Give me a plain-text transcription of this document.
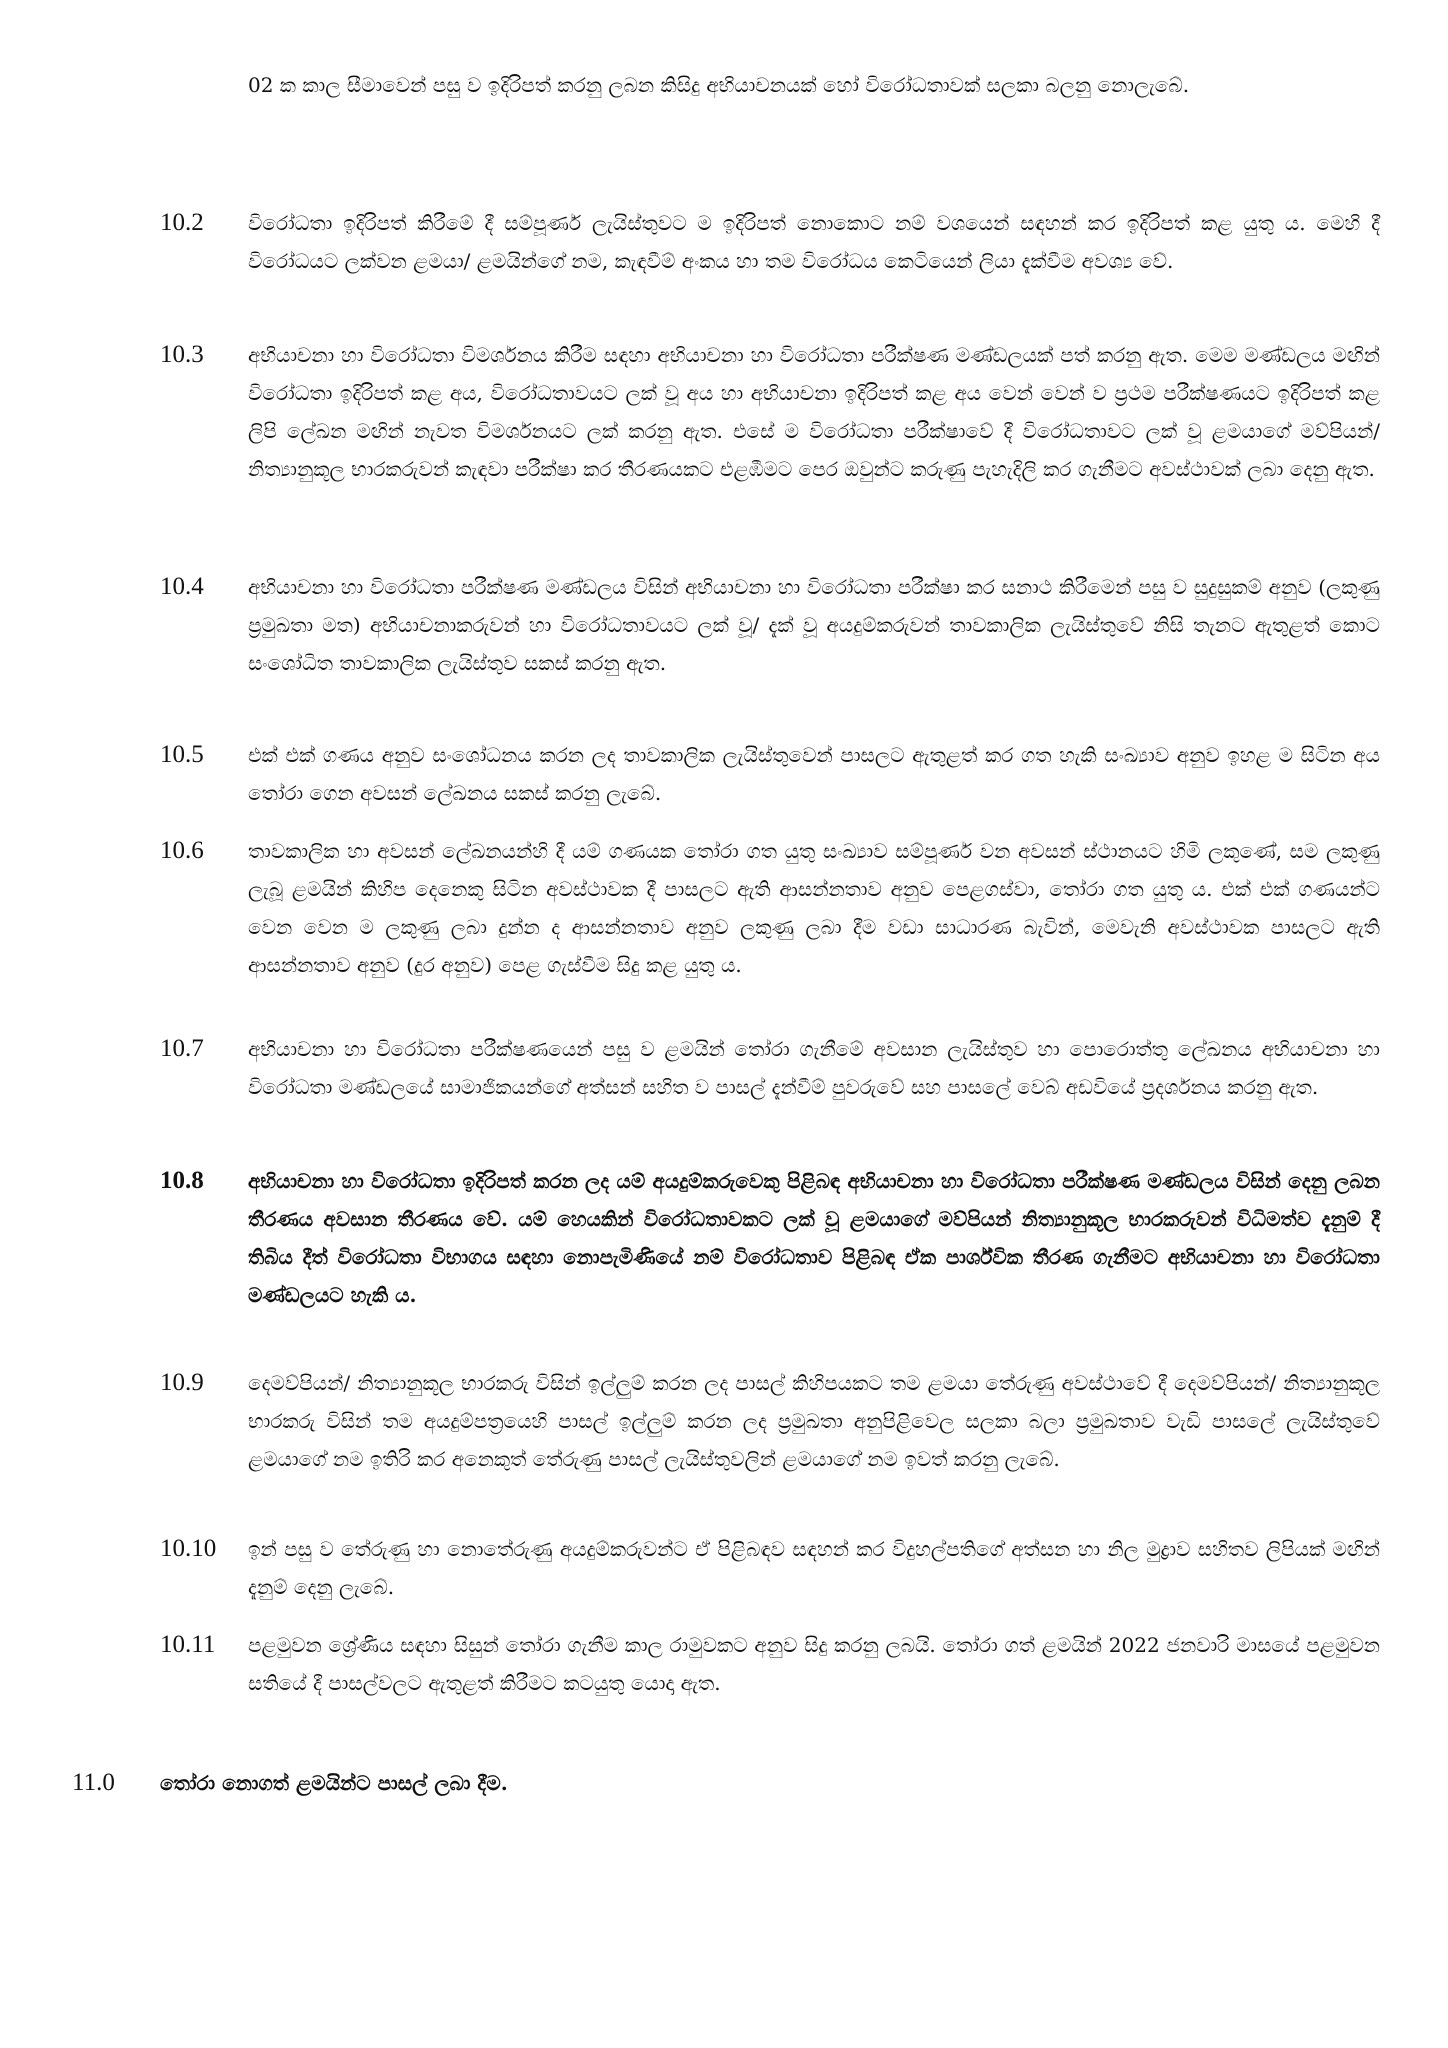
02 ක කාල සීමාවෙන් පසු ව ඉදිරිපත් කරනු ලබන කිසිදු අභියාචනයක් හෝ විරෝධතාවක් සලකා බලනු නොලැබේ.
10.2 විරෝධතා ඉදිරිපත් කිරීමේ දී සම්පූර්ණ ලැයිස්තුවට ම ඉදිරිපත් නොකොට නම් වශයෙන් සඳහන් කර ඉදිරිපත් කළ යුතු ය. මෙහි දී විරෝධයට ලක්වන ළමයා/ ළමයින්ගේ නම, කැඳවීම් අංකය හා තම විරෝධය කෙටියෙන් ලියා දැක්වීම අවශ්‍ය වේ.
10.3 අභියාචනා හා විරෝධතා විමර්ශනය කිරීම සඳහා අභියාචනා හා විරෝධතා පරීක්ෂණ මණ්ඩලයක් පත් කරනු ඇත. මෙම මණ්ඩලය මඟින් විරෝධතා ඉදිරිපත් කළ අය, විරෝධතාවයට ලක් වූ අය හා අභියාචනා ඉදිරිපත් කළ අය වෙන් වෙන් ව ප්‍රථම පරීක්ෂණයට ඉදිරිපත් කළ ලිපි ලේඛන මඟින් නැවත විමර්ශනයට ලක් කරනු ඇත. එසේ ම විරෝධතා පරීක්ෂාවේ දී විරෝධතාවට ලක් වූ ළමයාගේ මව්පියන්/නිත්‍යානුකූල භාරකරුවන් කැඳවා පරීක්ෂා කර තීරණයකට එළඹීමට පෙර ඔවුන්ට කරුණු පැහැදිලි කර ගැනීමට අවස්ථාවක් ලබා දෙනු ඇත.
10.4 අභියාචනා හා විරෝධතා පරීක්ෂණ මණ්ඩලය විසින් අභියාචනා හා විරෝධතා පරීක්ෂා කර සනාථ කිරීමෙන් පසු ව සුදුසුකම් අනුව (ලකුණු ප්‍රමුඛතා මත) අභියාචනාකරුවන් හා විරෝධතාවයට ලක් වූ/ දැක් වූ අයදුම්කරුවන් තාවකාලික ලැයිස්තුවේ නිසි තැනට ඇතුළත් කොට සංශෝධිත තාවකාලික ලැයිස්තුව සකස් කරනු ඇත.
10.5 එක් එක් ගණය අනුව සංශෝධනය කරන ලද තාවකාලික ලැයිස්තුවෙන් පාසලට ඇතුළත් කර ගත හැකි සංඛ්‍යාව අනුව ඉහළ ම සිටින අය තෝරා ගෙන අවසන් ලේඛනය සකස් කරනු ලැබේ.
10.6 තාවකාලික හා අවසන් ලේඛනයන්හි දී යම් ගණයක තෝරා ගත යුතු සංඛ්‍යාව සම්පූර්ණ වන අවසන් ස්ථානයට හිමි ලකුණේ, සම ලකුණු ලැබූ ළමයින් කිහිප දෙනෙකු සිටින අවස්ථාවක දී පාසලට ඇති ආසන්නතාව අනුව පෙළගස්වා, තෝරා ගත යුතු ය. එක් එක් ගණයන්ට වෙන වෙන ම ලකුණු ලබා දුන්න ද ආසන්නතාව අනුව ලකුණු ලබා දීම වඩා සාධාරණ බැවින්, මෙවැනි අවස්ථාවක පාසලට ඇති ආසන්නතාව අනුව (දුර අනුව) පෙළ ගැස්වීම සිදු කළ යුතු ය.
10.7 අභියාචනා හා විරෝධතා පරීක්ෂණයෙන් පසු ව ළමයින් තෝරා ගැනීමේ අවසාන ලැයිස්තුව හා පොරොත්තු ලේඛනය අභියාචනා හා විරෝධතා මණ්ඩලයේ සාමාජිකයන්ගේ අත්සන් සහිත ව පාසල් දැන්වීම් පුවරුවේ සහ පාසලේ වෙබ් අඩවියේ ප්‍රදර්ශනය කරනු ඇත.
10.8 අභියාචනා හා විරෝධතා ඉදිරිපත් කරන ලද යම් අයදුම්කරුවෙකු පිළිබඳ අභියාචනා හා විරෝධතා පරීක්ෂණ මණ්ඩලය විසින් දෙනු ලබන තීරණය අවසාන තීරණය වේ. යම් හෙයකින් විරෝධතාවකට ලක් වූ ළමයාගේ මව්පියන් නිත්‍යානුකූල භාරකරුවන් විධිමත්ව දැනුම් දී තිබිය දීත් විරෝධතා විභාගය සඳහා නොපැමිණියේ නම් විරෝධතාව පිළිබඳ ඒක පාර්ශ්වික තීරණ ගැනීමට අභියාචනා හා විරෝධතා මණ්ඩලයට හැකි ය.
10.9 දෙමව්පියන්/ නිත්‍යානුකූල භාරකරු විසින් ඉල්ලුම් කරන ලද පාසල් කිහිපයකට තම ළමයා තේරුණු අවස්ථාවේ දී දෙමව්පියන්/ නිත්‍යානුකූල භාරකරු විසින් තම අයදුම්පත්‍රයෙහි පාසල් ඉල්ලුම් කරන ලද ප්‍රමුඛතා අනුපිළිවෙල සලකා බලා ප්‍රමුඛතාව වැඩි පාසලේ ලැයිස්තුවේ ළමයාගේ නම ඉතිරි කර අනෙකුත් තේරුණු පාසල් ලැයිස්තුවලින් ළමයාගේ නම ඉවත් කරනු ලැබේ.
10.10 ඉන් පසු ව තේරුණු හා නොතේරුණු අයදුම්කරුවන්ට ඒ පිළිබඳව සඳහන් කර විදුහල්පතිගේ අත්සන හා නිල මුද්‍රාව සහිතව ලිපියක් මඟින් දැනුම් දෙනු ලැබේ.
10.11 පළමුවන ශ්‍රේණිය සඳහා සිසුන් තෝරා ගැනීම කාල රාමුවකට අනුව සිදු කරනු ලබයි. තෝරා ගත් ළමයින් 2022 ජනවාරි මාසයේ පළමුවන සතියේ දී පාසල්වලට ඇතුළත් කිරීමට කටයුතු යොදා ඇත.
11.0 තෝරා නොගත් ළමයින්ට පාසල් ලබා දීම.
